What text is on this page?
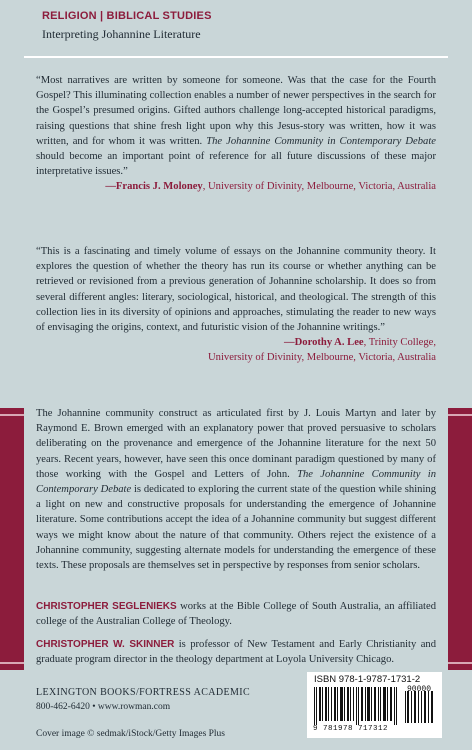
RELIGION | BIBLICAL STUDIES
Interpreting Johannine Literature
“Most narratives are written by someone for someone. Was that the case for the Fourth Gospel? This illuminating collection enables a number of newer perspectives in the search for the Gospel’s presumed origins. Gifted authors challenge long-accepted historical paradigms, raising questions that shine fresh light upon why this Jesus-story was written, how it was written, and for whom it was written. The Johannine Community in Contemporary Debate should become an important point of reference for all future discussions of these major interpretative issues.”
—Francis J. Moloney, University of Divinity, Melbourne, Victoria, Australia
“This is a fascinating and timely volume of essays on the Johannine community theory. It explores the question of whether the theory has run its course or whether anything can be retrieved or revisioned from a previous generation of Johannine scholarship. It does so from several different angles: literary, sociological, historical, and theological. The strength of this collection lies in its diversity of opinions and approaches, stimulating the reader to new ways of envisaging the origins, context, and futuristic vision of the Johannine writings.”
—Dorothy A. Lee, Trinity College,
University of Divinity, Melbourne, Victoria, Australia
The Johannine community construct as articulated first by J. Louis Martyn and later by Raymond E. Brown emerged with an explanatory power that proved persuasive to scholars deliberating on the provenance and emergence of the Johannine literature for the next 50 years. Recent years, however, have seen this once dominant paradigm questioned by many of those working with the Gospel and Letters of John. The Johannine Community in Contemporary Debate is dedicated to exploring the current state of the question while shining a light on new and constructive proposals for understanding the emergence of Johannine literature. Some contributions accept the idea of a Johannine community but suggest different ways we might know about the nature of that community. Others reject the existence of a Johannine community, suggesting alternate models for understanding the emergence of these texts. These proposals are themselves set in perspective by responses from senior scholars.
CHRISTOPHER SEGLENIEKS works at the Bible College of South Australia, an affiliated college of the Australian College of Theology.
CHRISTOPHER W. SKINNER is professor of New Testament and Early Christianity and graduate program director in the theology department at Loyola University Chicago.
LEXINGTON BOOKS/FORTRESS ACADEMIC
800-462-6420 • www.rowman.com
Cover image © sedmak/iStock/Getty Images Plus
ISBN 978-1-9787-1731-2
90000
9 781978 717312
